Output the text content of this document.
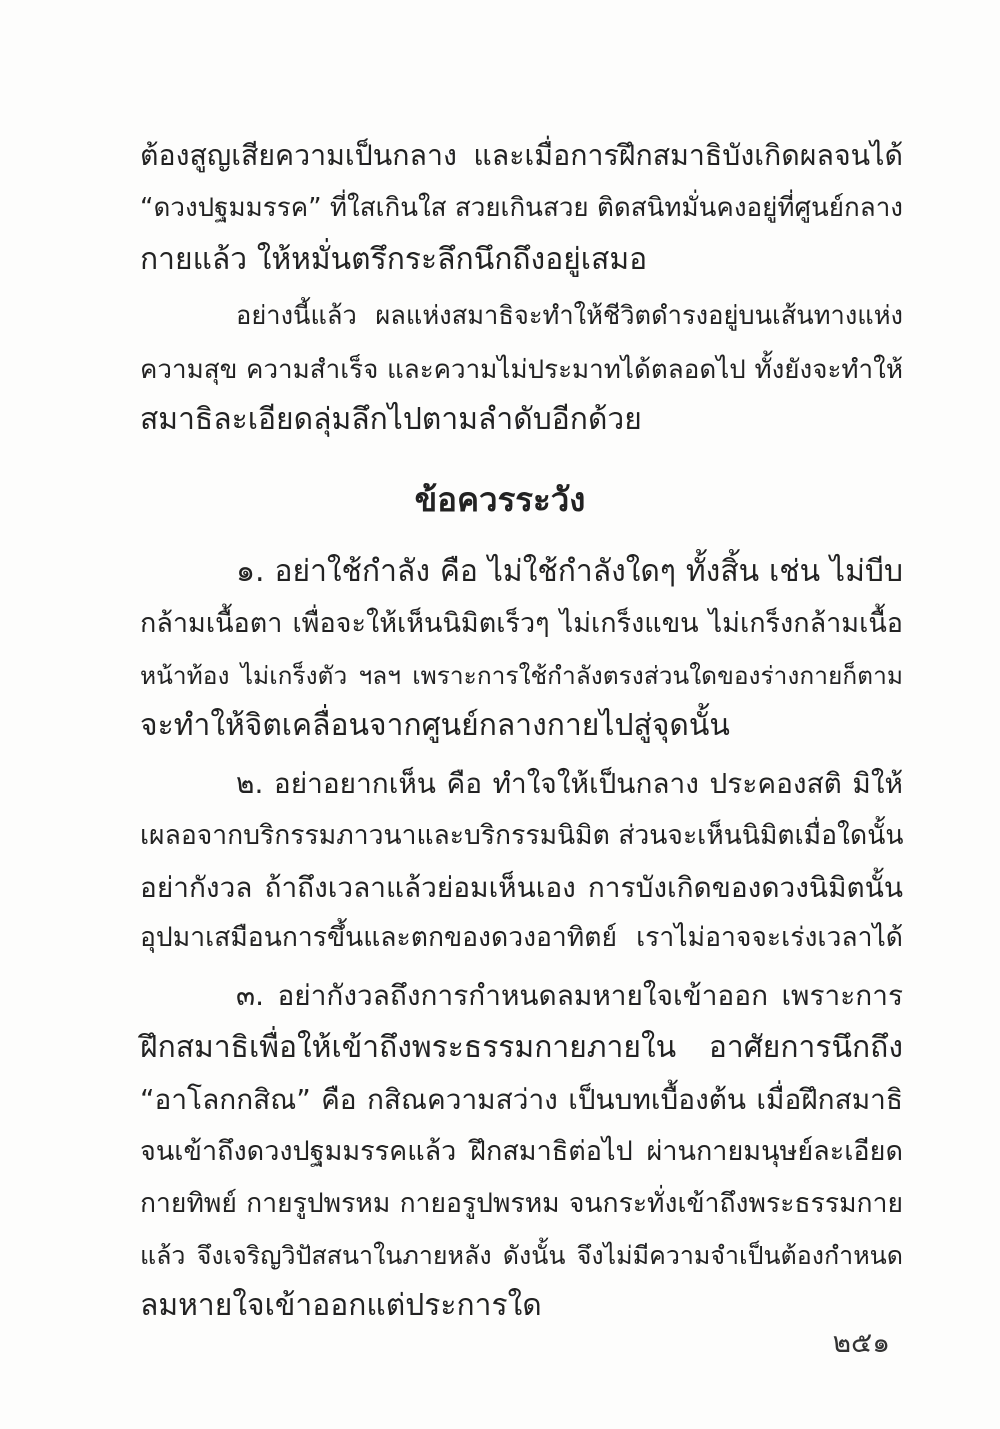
ต้องสูญเสียความเป็นกลาง และเมื่อการฝึกสมาธิบังเกิดผลจนได้
“ดวงปฐมมรรค” ที่ใสเกินใส สวยเกินสวย ติดสนิทมั่นคงอยู่ที่ศูนย์กลาง
กายแล้ว ให้หมั่นตรึกระลึกนึกถึงอยู่เสมอ
อย่างนี้แล้ว ผลแห่งสมาธิจะทำให้ชีวิตดำรงอยู่บนเส้นทางแห่ง
ความสุข ความสำเร็จ และความไม่ประมาทได้ตลอดไป ทั้งยังจะทำให้
สมาธิละเอียดลุ่มลึกไปตามลำดับอีกด้วย
ข้อควรระวัง
๑. อย่าใช้กำลัง คือ ไม่ใช้กำลังใดๆ ทั้งสิ้น เช่น ไม่บีบ
กล้ามเนื้อตา เพื่อจะให้เห็นนิมิตเร็วๆ ไม่เกร็งแขน ไม่เกร็งกล้ามเนื้อ
หน้าท้อง ไม่เกร็งตัว ฯลฯ เพราะการใช้กำลังตรงส่วนใดของร่างกายก็ตาม
จะทำให้จิตเคลื่อนจากศูนย์กลางกายไปสู่จุดนั้น
๒. อย่าอยากเห็น คือ ทำใจให้เป็นกลาง ประคองสติ มิให้
เผลอจากบริกรรมภาวนาและบริกรรมนิมิต ส่วนจะเห็นนิมิตเมื่อใดนั้น
อย่ากังวล ถ้าถึงเวลาแล้วย่อมเห็นเอง การบังเกิดของดวงนิมิตนั้น
อุปมาเสมือนการขึ้นและตกของดวงอาทิตย์ เราไม่อาจจะเร่งเวลาได้
๓. อย่ากังวลถึงการกำหนดลมหายใจเข้าออก เพราะการ
ฝึกสมาธิเพื่อให้เข้าถึงพระธรรมกายภายใน อาศัยการนึกถึง
“อาโลกกสิณ” คือ กสิณความสว่าง เป็นบทเบื้องต้น เมื่อฝึกสมาธิ
จนเข้าถึงดวงปฐมมรรคแล้ว ฝึกสมาธิต่อไป ผ่านกายมนุษย์ละเอียด
กายทิพย์ กายรูปพรหม กายอรูปพรหม จนกระทั่งเข้าถึงพระธรรมกาย
แล้ว จึงเจริญวิปัสสนาในภายหลัง ดังนั้น จึงไม่มีความจำเป็นต้องกำหนด
ลมหายใจเข้าออกแต่ประการใด
๒๕๑
